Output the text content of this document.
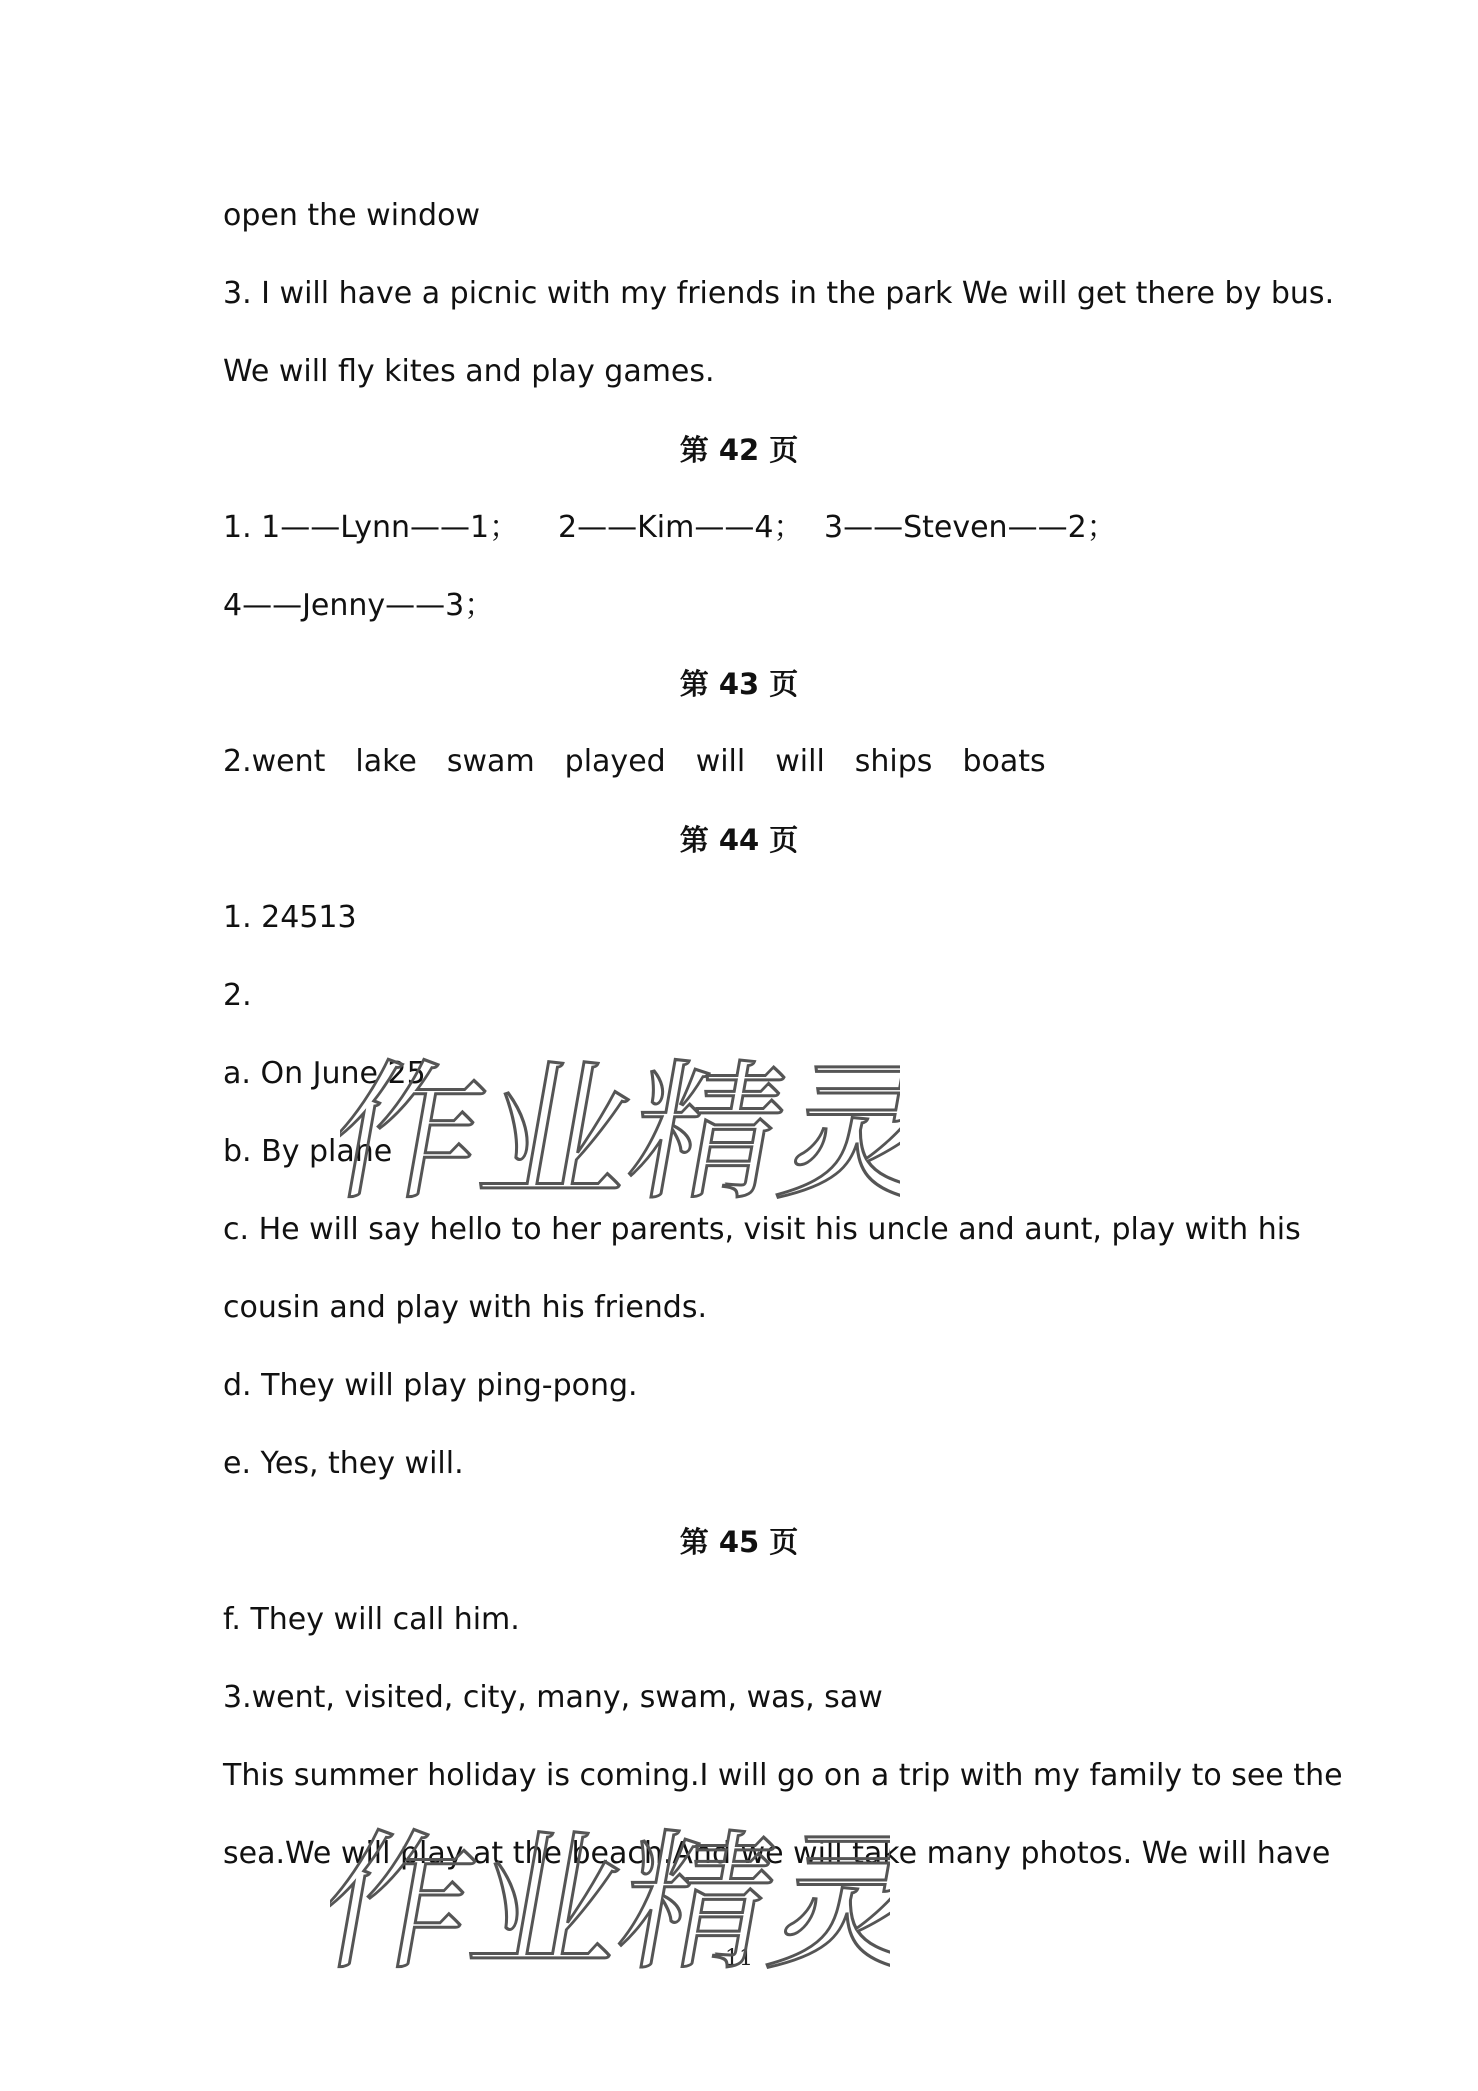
open the window
3. I will have a picnic with my friends in the park We will get there by bus.
We will fly kites and play games.
第 42 页
1. 1——Lynn——1； 2——Kim——4； 3——Steven——2；
4——Jenny——3；
第 43 页
2.went lake swam played will will ships boats
第 44 页
1. 24513
2.
a. On June 25
b. By plane
c. He will say hello to her parents, visit his uncle and aunt, play with his
cousin and play with his friends.
d. They will play ping-pong.
e. Yes, they will.
第 45 页
f. They will call him.
3.went, visited, city, many, swam, was, saw
This summer holiday is coming.I will go on a trip with my family to see the
sea.We will play at the beach.And we will take many photos. We will have
11
作业精灵
作业精灵
